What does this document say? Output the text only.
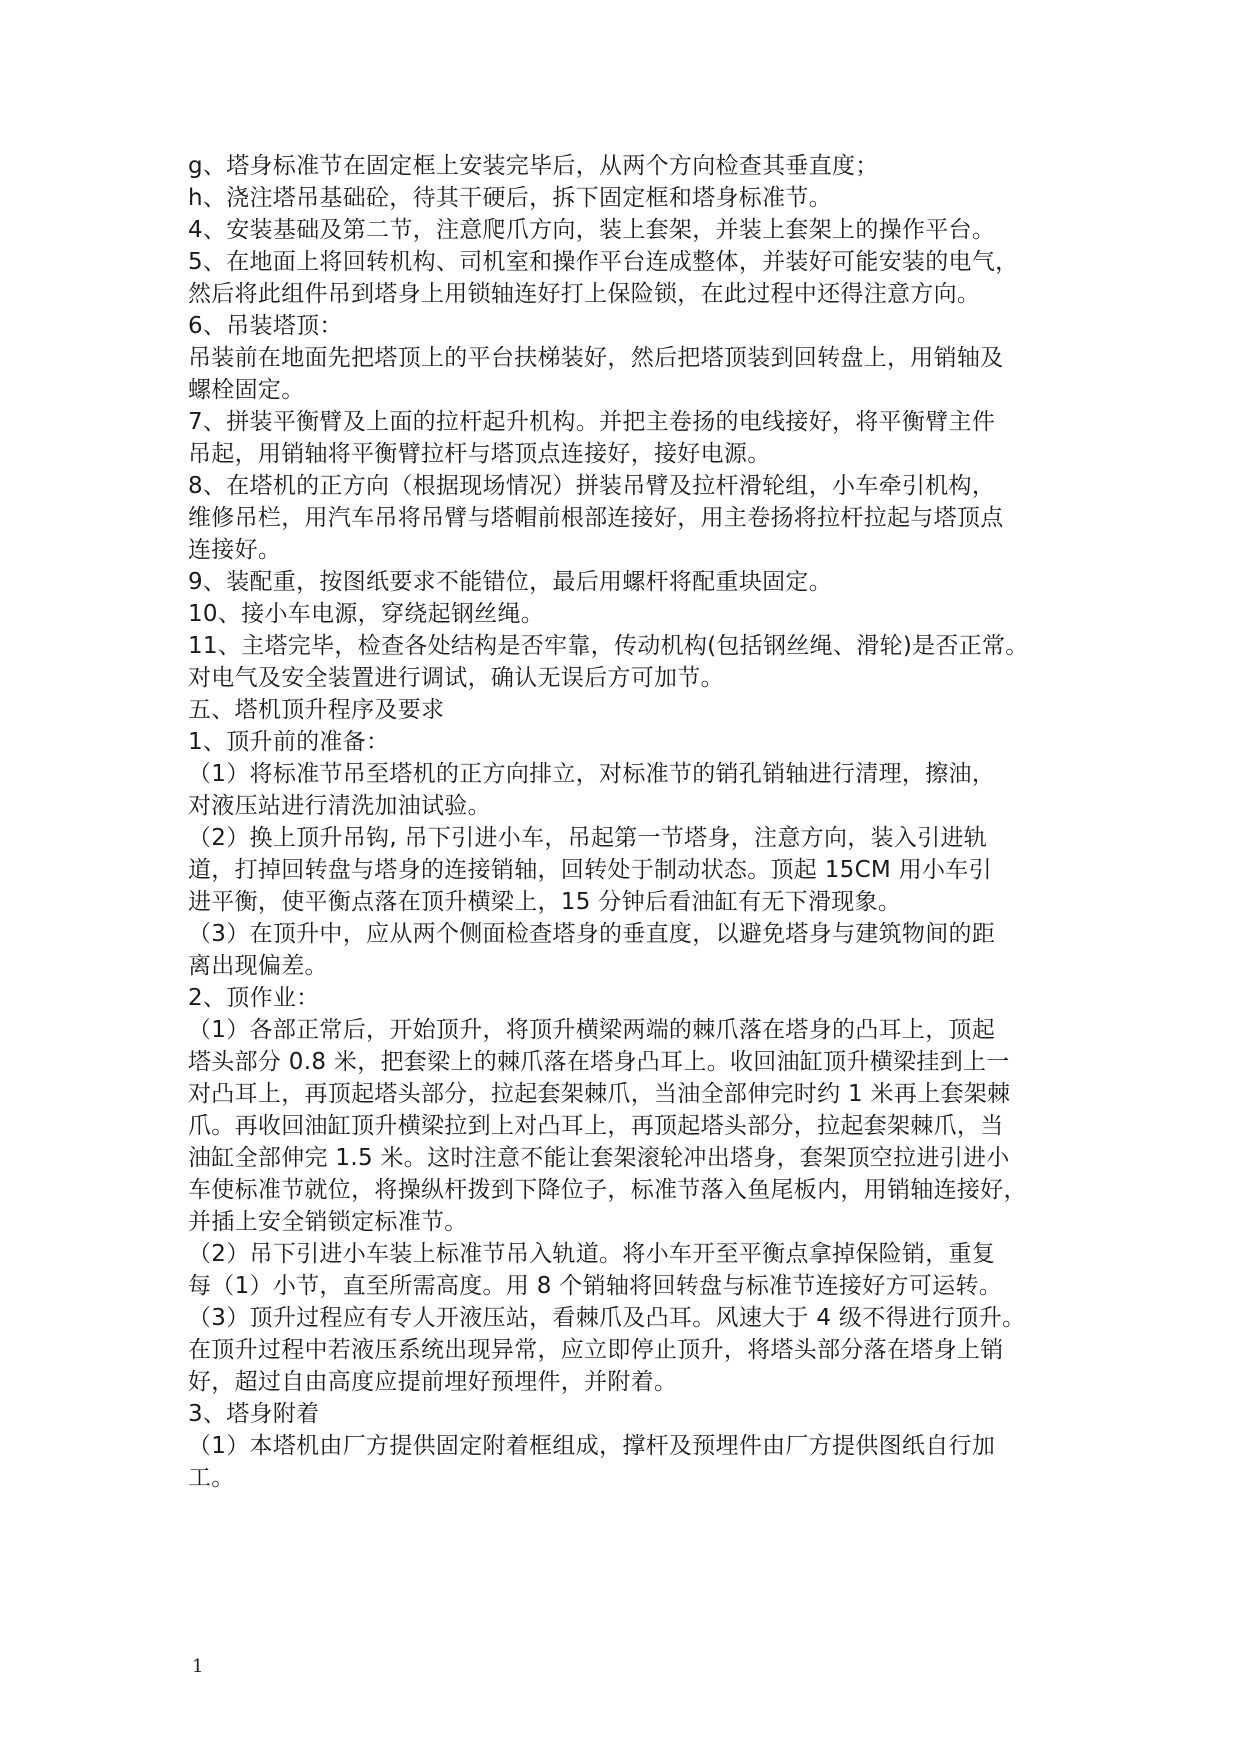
g、塔身标准节在固定框上安装完毕后，从两个方向检查其垂直度；

h、浇注塔吊基础砼，待其干硬后，拆下固定框和塔身标准节。

4、安装基础及第二节，注意爬爪方向，装上套架，并装上套架上的操作平台。

5、在地面上将回转机构、司机室和操作平台连成整体，并装好可能安装的电气，

然后将此组件吊到塔身上用锁轴连好打上保险锁，在此过程中还得注意方向。

6、吊装塔顶：

吊装前在地面先把塔顶上的平台扶梯装好，然后把塔顶装到回转盘上，用销轴及

螺栓固定。

7、拼装平衡臂及上面的拉杆起升机构。并把主卷扬的电线接好，将平衡臂主件

吊起，用销轴将平衡臂拉杆与塔顶点连接好，接好电源。

8、在塔机的正方向（根据现场情况）拼装吊臂及拉杆滑轮组，小车牵引机构，

维修吊栏，用汽车吊将吊臂与塔帽前根部连接好，用主卷扬将拉杆拉起与塔顶点

连接好。

9、装配重，按图纸要求不能错位，最后用螺杆将配重块固定。

10、接小车电源，穿绕起钢丝绳。

11、主塔完毕，检查各处结构是否牢靠，传动机构(包括钢丝绳、滑轮)是否正常。

对电气及安全装置进行调试，确认无误后方可加节。

五、塔机顶升程序及要求

1、顶升前的准备：

（1）将标准节吊至塔机的正方向排立，对标准节的销孔销轴进行清理，擦油，

对液压站进行清洗加油试验。

（2）换上顶升吊钩, 吊下引进小车，吊起第一节塔身，注意方向，装入引进轨

道，打掉回转盘与塔身的连接销轴，回转处于制动状态。顶起 15CM 用小车引

进平衡，使平衡点落在顶升横梁上，15 分钟后看油缸有无下滑现象。

（3）在顶升中，应从两个侧面检查塔身的垂直度，以避免塔身与建筑物间的距

离出现偏差。

2、顶作业：

（1）各部正常后，开始顶升，将顶升横梁两端的棘爪落在塔身的凸耳上，顶起

塔头部分 0.8 米，把套梁上的棘爪落在塔身凸耳上。收回油缸顶升横梁挂到上一

对凸耳上，再顶起塔头部分，拉起套架棘爪，当油全部伸完时约 1 米再上套架棘

爪。再收回油缸顶升横梁拉到上对凸耳上，再顶起塔头部分，拉起套架棘爪，当

油缸全部伸完 1.5 米。这时注意不能让套架滚轮冲出塔身，套架顶空拉进引进小

车使标准节就位，将操纵杆拨到下降位子，标准节落入鱼尾板内，用销轴连接好，

并插上安全销锁定标准节。

（2）吊下引进小车装上标准节吊入轨道。将小车开至平衡点拿掉保险销，重复

每（1）小节，直至所需高度。用 8 个销轴将回转盘与标准节连接好方可运转。

（3）顶升过程应有专人开液压站，看棘爪及凸耳。风速大于 4 级不得进行顶升。

在顶升过程中若液压系统出现异常，应立即停止顶升，将塔头部分落在塔身上销

好，超过自由高度应提前埋好预埋件，并附着。

3、塔身附着

（1）本塔机由厂方提供固定附着框组成，撑杆及预埋件由厂方提供图纸自行加

工。

1
